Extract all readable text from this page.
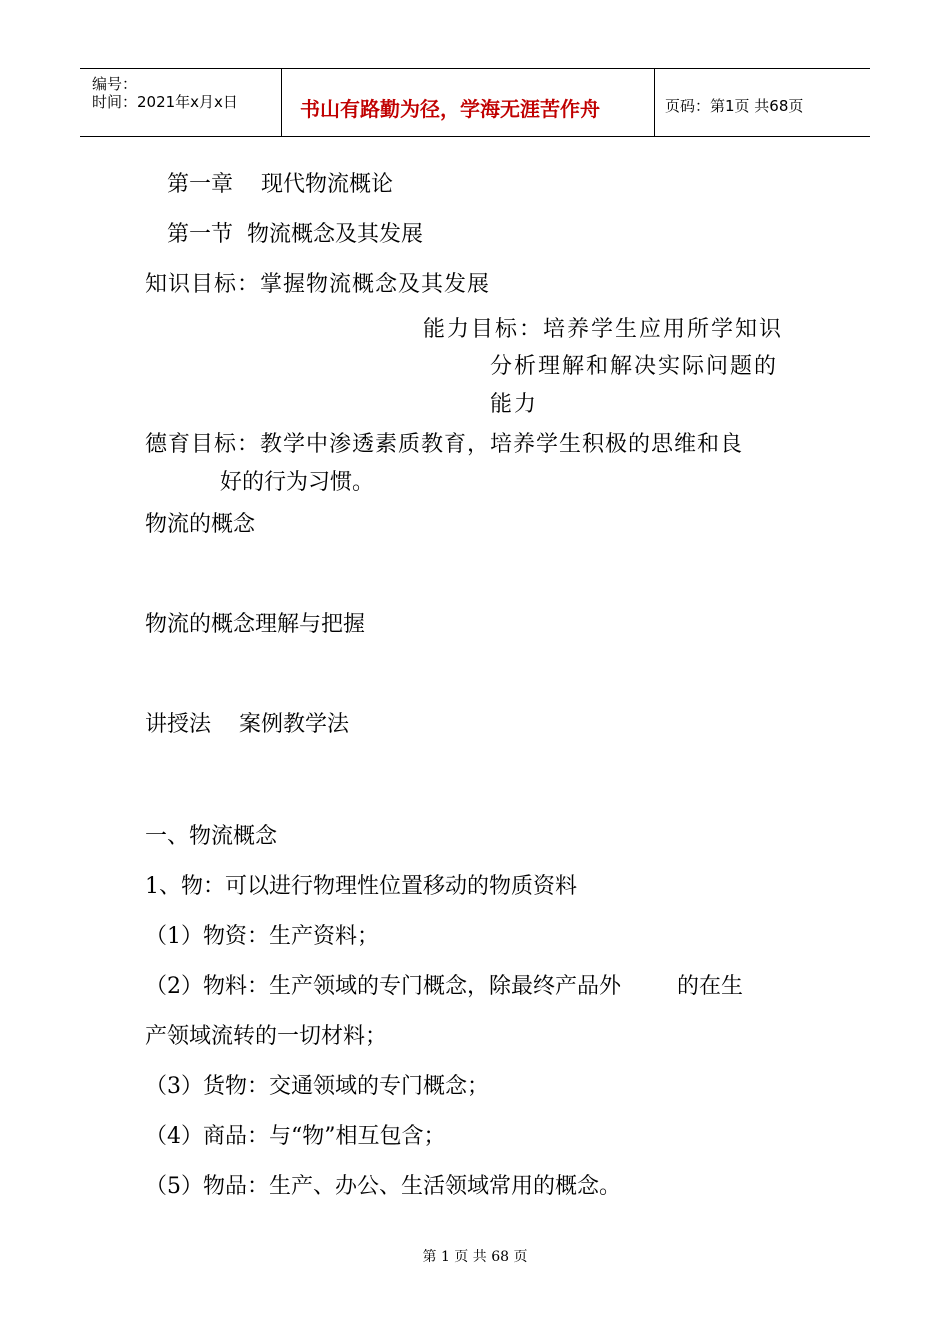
编号：
时间：2021年x月x日	书山有路勤为径，学海无涯苦作舟	页码：第1页 共68页
第一章    现代物流概论
第一节  物流概念及其发展
知识目标：掌握物流概念及其发展
能力目标：培养学生应用所学知识
分析理解和解决实际问题的
能力
德育目标：教学中渗透素质教育，培养学生积极的思维和良
好的行为习惯。
物流的概念
物流的概念理解与把握
讲授法    案例教学法
一、物流概念
1、物：可以进行物理性位置移动的物质资料
（1）物资：生产资料；
（2）物料：生产领域的专门概念，除最终产品外        的在生
产领域流转的一切材料；
（3）货物：交通领域的专门概念；
（4）商品：与“物”相互包含；
（5）物品：生产、办公、生活领域常用的概念。
第 1 页 共 68 页
